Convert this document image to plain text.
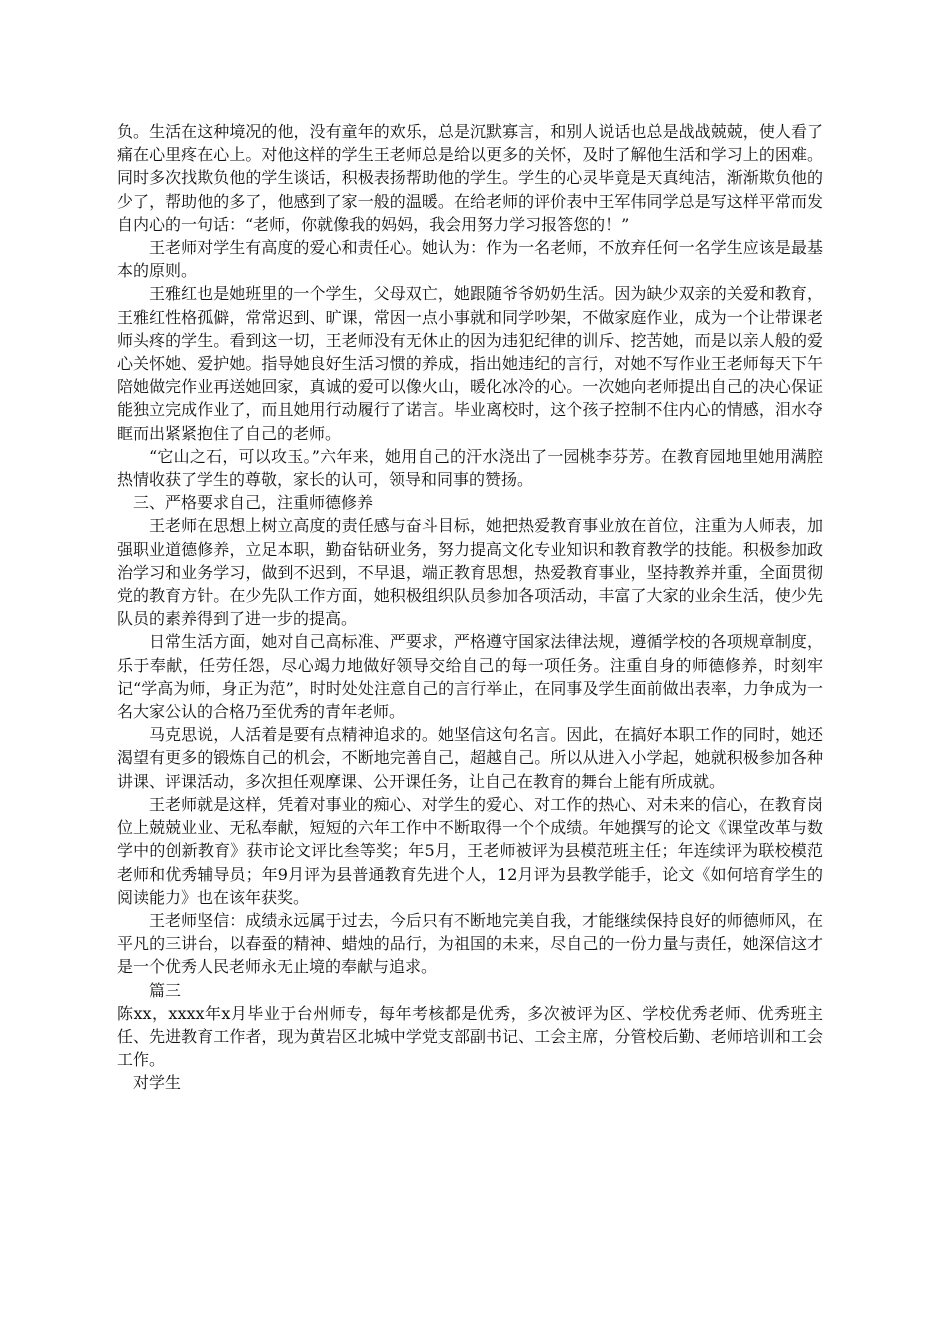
负。生活在这种境况的他，没有童年的欢乐，总是沉默寡言，和别人说话也总是战战兢兢，使人看了痛在心里疼在心上。对他这样的学生王老师总是给以更多的关怀，及时了解他生活和学习上的困难。同时多次找欺负他的学生谈话，积极表扬帮助他的学生。学生的心灵毕竟是天真纯洁，渐渐欺负他的少了，帮助他的多了，他感到了家一般的温暖。在给老师的评价表中王军伟同学总是写这样平常而发自内心的一句话：“老师，你就像我的妈妈，我会用努力学习报答您的！”

王老师对学生有高度的爱心和责任心。她认为：作为一名老师，不放弃任何一名学生应该是最基本的原则。

王雅红也是她班里的一个学生，父母双亡，她跟随爷爷奶奶生活。因为缺少双亲的关爱和教育，王雅红性格孤僻，常常迟到、旷课，常因一点小事就和同学吵架，不做家庭作业，成为一个让带课老师头疼的学生。看到这一切，王老师没有无休止的因为违犯纪律的训斥、挖苦她，而是以亲人般的爱心关怀她、爱护她。指导她良好生活习惯的养成，指出她违纪的言行，对她不写作业王老师每天下午陪她做完作业再送她回家，真诚的爱可以像火山，暖化冰冷的心。一次她向老师提出自己的决心保证能独立完成作业了，而且她用行动履行了诺言。毕业离校时，这个孩子控制不住内心的情感，泪水夺眶而出紧紧抱住了自己的老师。

“它山之石，可以攻玉。”六年来，她用自己的汗水浇出了一园桃李芬芳。在教育园地里她用满腔热情收获了学生的尊敬，家长的认可，领导和同事的赞扬。

三、严格要求自己，注重师德修养

王老师在思想上树立高度的责任感与奋斗目标，她把热爱教育事业放在首位，注重为人师表，加强职业道德修养，立足本职，勤奋钻研业务，努力提高文化专业知识和教育教学的技能。积极参加政治学习和业务学习，做到不迟到，不早退，端正教育思想，热爱教育事业，坚持教养并重，全面贯彻党的教育方针。在少先队工作方面，她积极组织队员参加各项活动，丰富了大家的业余生活，使少先队员的素养得到了进一步的提高。

日常生活方面，她对自己高标准、严要求，严格遵守国家法律法规，遵循学校的各项规章制度，乐于奉献，任劳任怨，尽心竭力地做好领导交给自己的每一项任务。注重自身的师德修养，时刻牢记“学高为师，身正为范”，时时处处注意自己的言行举止，在同事及学生面前做出表率，力争成为一名大家公认的合格乃至优秀的青年老师。

马克思说，人活着是要有点精神追求的。她坚信这句名言。因此，在搞好本职工作的同时，她还渴望有更多的锻炼自己的机会，不断地完善自己，超越自己。所以从进入小学起，她就积极参加各种讲课、评课活动，多次担任观摩课、公开课任务，让自己在教育的舞台上能有所成就。

王老师就是这样，凭着对事业的痴心、对学生的爱心、对工作的热心、对未来的信心，在教育岗位上兢兢业业、无私奉献，短短的六年工作中不断取得一个个成绩。年她撰写的论文《课堂改革与数学中的创新教育》获市论文评比叁等奖；年5月，王老师被评为县模范班主任；年连续评为联校模范老师和优秀辅导员；年9月评为县普通教育先进个人，12月评为县教学能手，论文《如何培育学生的阅读能力》也在该年获奖。

王老师坚信：成绩永远属于过去，今后只有不断地完美自我，才能继续保持良好的师德师风，在平凡的三讲台，以春蚕的精神、蜡烛的品行，为祖国的未来，尽自己的一份力量与责任，她深信这才是一个优秀人民老师永无止境的奉献与追求。

篇三

陈xx，xxxx年x月毕业于台州师专，每年考核都是优秀，多次被评为区、学校优秀老师、优秀班主任、先进教育工作者，现为黄岩区北城中学党支部副书记、工会主席，分管校后勤、老师培训和工会工作。

对学生
